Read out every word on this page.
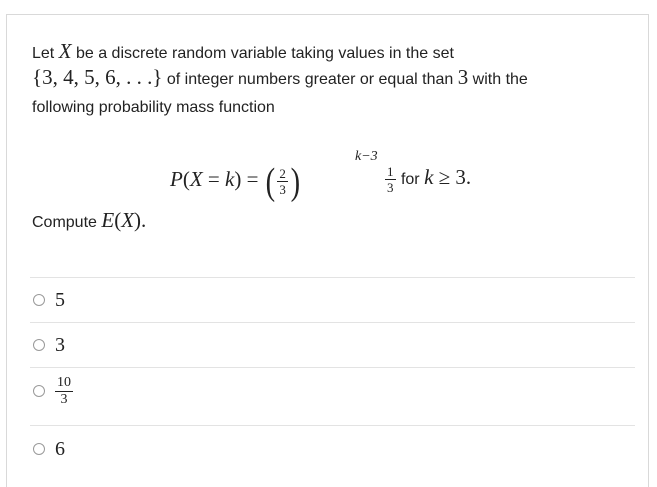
Let X be a discrete random variable taking values in the set
{3, 4, 5, 6, . . .} of integer numbers greater or equal than 3 with the
following probability mass function
P(X = k) = ( $\frac{2}{3}$ )
k−3
$\frac{1}{3}$ for k ≥ 3.
Compute E(X).
5
3
$\frac{10}{3}$
6
